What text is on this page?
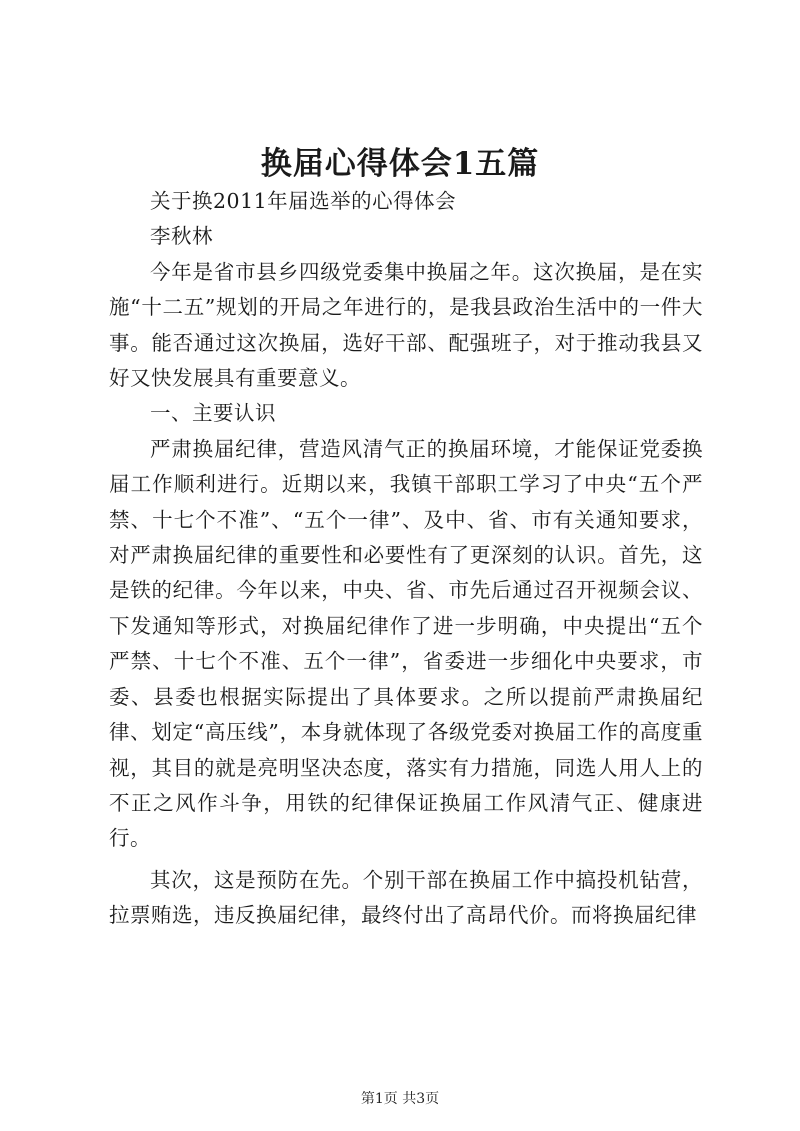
换届心得体会1五篇

关于换2011年届选举的心得体会

李秋林

今年是省市县乡四级党委集中换届之年。这次换届，是在实施“十二五”规划的开局之年进行的，是我县政治生活中的一件大事。能否通过这次换届，选好干部、配强班子，对于推动我县又好又快发展具有重要意义。

一、主要认识

严肃换届纪律，营造风清气正的换届环境，才能保证党委换届工作顺利进行。近期以来，我镇干部职工学习了中央“五个严禁、十七个不准”、“五个一律”、及中、省、市有关通知要求，对严肃换届纪律的重要性和必要性有了更深刻的认识。首先，这是铁的纪律。今年以来，中央、省、市先后通过召开视频会议、下发通知等形式，对换届纪律作了进一步明确，中央提出“五个严禁、十七个不准、五个一律”，省委进一步细化中央要求，市委、县委也根据实际提出了具体要求。之所以提前严肃换届纪律、划定“高压线”，本身就体现了各级党委对换届工作的高度重视，其目的就是亮明坚决态度，落实有力措施，同选人用人上的不正之风作斗争，用铁的纪律保证换届工作风清气正、健康进行。

其次，这是预防在先。个别干部在换届工作中搞投机钻营，拉票贿选，违反换届纪律，最终付出了高昂代价。而将换届纪律

第1页 共3页
